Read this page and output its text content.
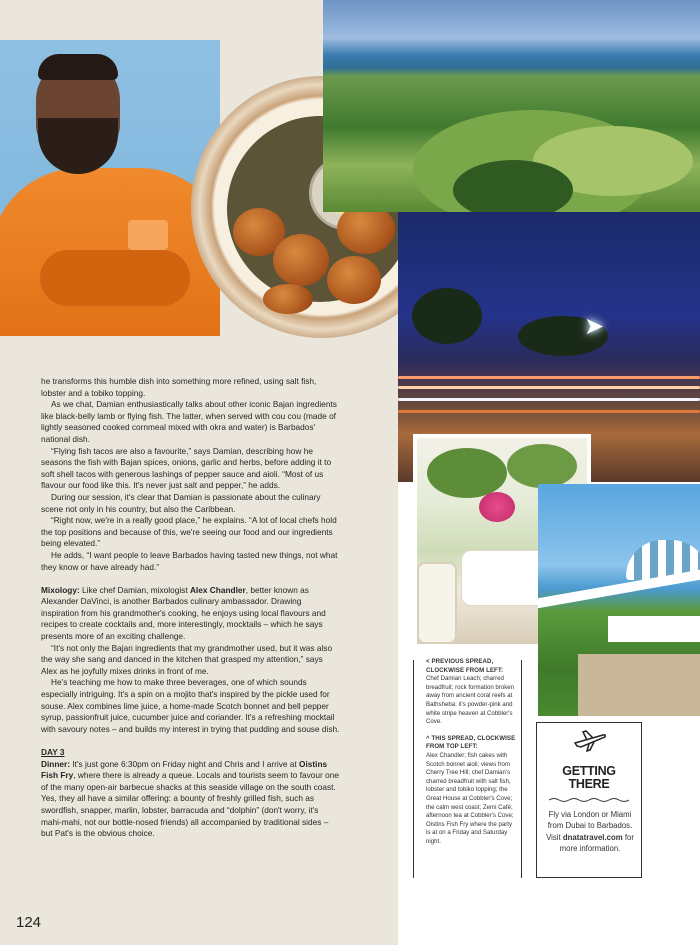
➤

he transforms this humble dish into something more refined, using salt fish, lobster and a tobiko topping.

As we chat, Damian enthusiastically talks about other iconic Bajan ingredients like black-belly lamb or flying fish. The latter, when served with cou cou (made of lightly seasoned cooked cornmeal mixed with okra and water) is Barbados' national dish.

“Flying fish tacos are also a favourite,” says Damian, describing how he seasons the fish with Bajan spices, onions, garlic and herbs, before adding it to soft shell tacos with generous lashings of pepper sauce and aioli. “Most of us flavour our food like this. It's never just salt and pepper,” he adds.

During our session, it's clear that Damian is passionate about the culinary scene not only in his country, but also the Caribbean.

“Right now, we're in a really good place,” he explains. “A lot of local chefs hold the top positions and because of this, we're seeing our food and our ingredients being elevated.”

He adds, “I want people to leave Barbados having tasted new things, not what they know or have already had.”

Mixology: Like chef Damian, mixologist Alex Chandler, better known as Alexander DaVinci, is another Barbados culinary ambassador. Drawing inspiration from his grandmother's cooking, he enjoys using local flavours and recipes to create cocktails and, more interestingly, mocktails – which he says presents more of an exciting challenge.

“It's not only the Bajan ingredients that my grandmother used, but it was also the way she sang and danced in the kitchen that grasped my attention,” says Alex as he joyfully mixes drinks in front of me.

He's teaching me how to make three beverages, one of which sounds especially intriguing. It's a spin on a mojito that's inspired by the pickle used for souse. Alex combines lime juice, a home-made Scotch bonnet and bell pepper syrup, passionfruit juice, cucumber juice and coriander. It's a refreshing mocktail with savoury notes – and builds my interest in trying that pudding and souse dish.

DAY 3

Dinner: It's just gone 6:30pm on Friday night and Chris and I arrive at Oistins Fish Fry, where there is already a queue. Locals and tourists seem to favour one of the many open-air barbecue shacks at this seaside village on the south coast. Yes, they all have a similar offering: a bounty of freshly grilled fish, such as swordfish, snapper, marlin, lobster, barracuda and “dolphin” (don't worry, it's mahi-mahi, not our bottle-nosed friends) all accompanied by traditional sides – but Pat's is the obvious choice.

124
< PREVIOUS SPREAD, CLOCKWISE FROM LEFT:
Chef Damian Leach; charred breadfruit; rock formation broken away from ancient coral reefs at Bathsheba; it's powder-pink and white stripe heaven at Cobbler's Cove.
^ THIS SPREAD, CLOCKWISE FROM TOP LEFT:
Alex Chandler; fish cakes with Scotch bonnet aioli; views from Cherry Tree Hill; chef Damian's charred breadfruit with salt fish, lobster and tobiko topping; the Great House at Cobbler's Cove; the calm west coast; Zemi Café; afternoon tea at Cobbler's Cove; Oistins Fish Fry where the party is at on a Friday and Saturday night.
GETTING
THERE
Fly via London or Miami from Dubai to Barbados. Visit dnatatravel.com for more information.
